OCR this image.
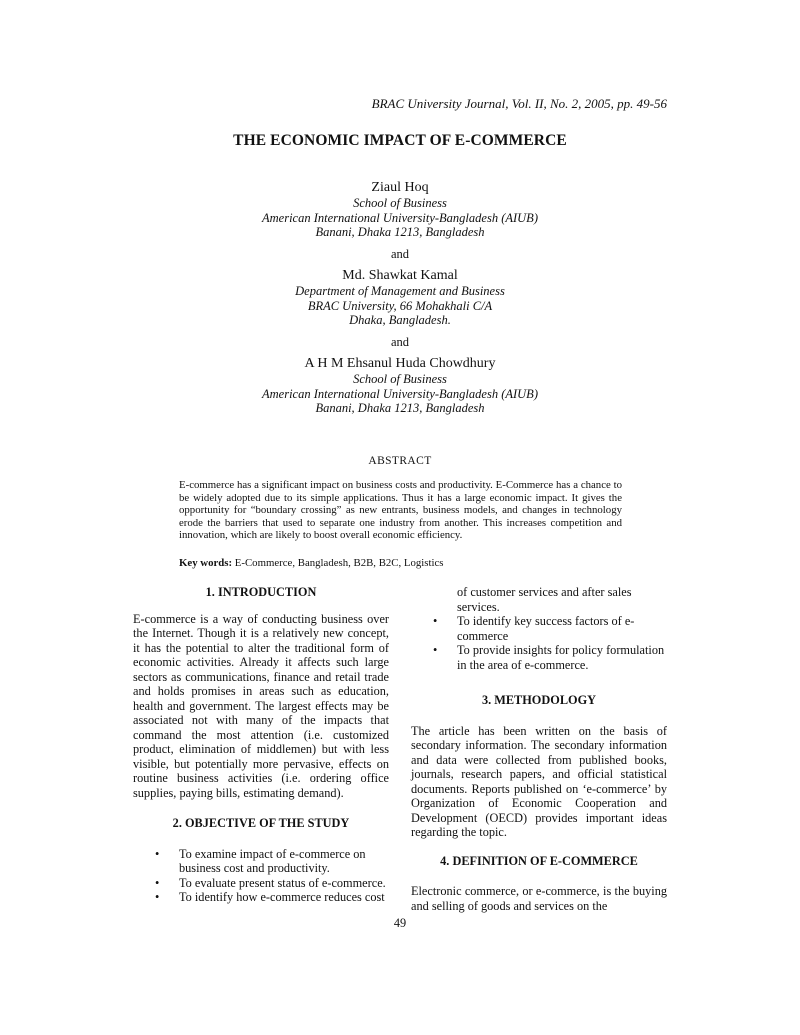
BRAC University Journal, Vol. II, No. 2, 2005, pp. 49-56
THE ECONOMIC IMPACT OF E-COMMERCE
Ziaul Hoq
School of Business
American International University-Bangladesh (AIUB)
Banani, Dhaka 1213, Bangladesh
and
Md. Shawkat Kamal
Department of Management and Business
BRAC University, 66 Mohakhali C/A
Dhaka, Bangladesh.
and
A H M Ehsanul Huda Chowdhury
School of Business
American International University-Bangladesh (AIUB)
Banani, Dhaka 1213, Bangladesh
ABSTRACT
E-commerce has a significant impact on business costs and productivity. E-Commerce has a chance to be widely adopted due to its simple applications. Thus it has a large economic impact. It gives the opportunity for “boundary crossing” as new entrants, business models, and changes in technology erode the barriers that used to separate one industry from another. This increases competition and innovation, which are likely to boost overall economic efficiency.
Key words: E-Commerce, Bangladesh, B2B, B2C, Logistics
1. INTRODUCTION

E-commerce is a way of conducting business over the Internet. Though it is a relatively new concept, it has the potential to alter the traditional form of economic activities. Already it affects such large sectors as communications, finance and retail trade and holds promises in areas such as education, health and government. The largest effects may be associated not with many of the impacts that command the most attention (i.e. customized product, elimination of middlemen) but with less visible, but potentially more pervasive, effects on routine business activities (i.e. ordering office supplies, paying bills, estimating demand).

2. OBJECTIVE OF THE STUDY
• To examine impact of e-commerce on business cost and productivity.
• To evaluate present status of e-commerce.
• To identify how e-commerce reduces cost
of customer services and after sales services.
• To identify key success factors of e-commerce
• To provide insights for policy formulation in the area of e-commerce.
3. METHODOLOGY

The article has been written on the basis of secondary information. The secondary information and data were collected from published books, journals, research papers, and official statistical documents. Reports published on ‘e-commerce’ by Organization of Economic Cooperation and Development (OECD) provides important ideas regarding the topic.

4. DEFINITION OF E-COMMERCE

Electronic commerce, or e-commerce, is the buying and selling of goods and services on the

49
